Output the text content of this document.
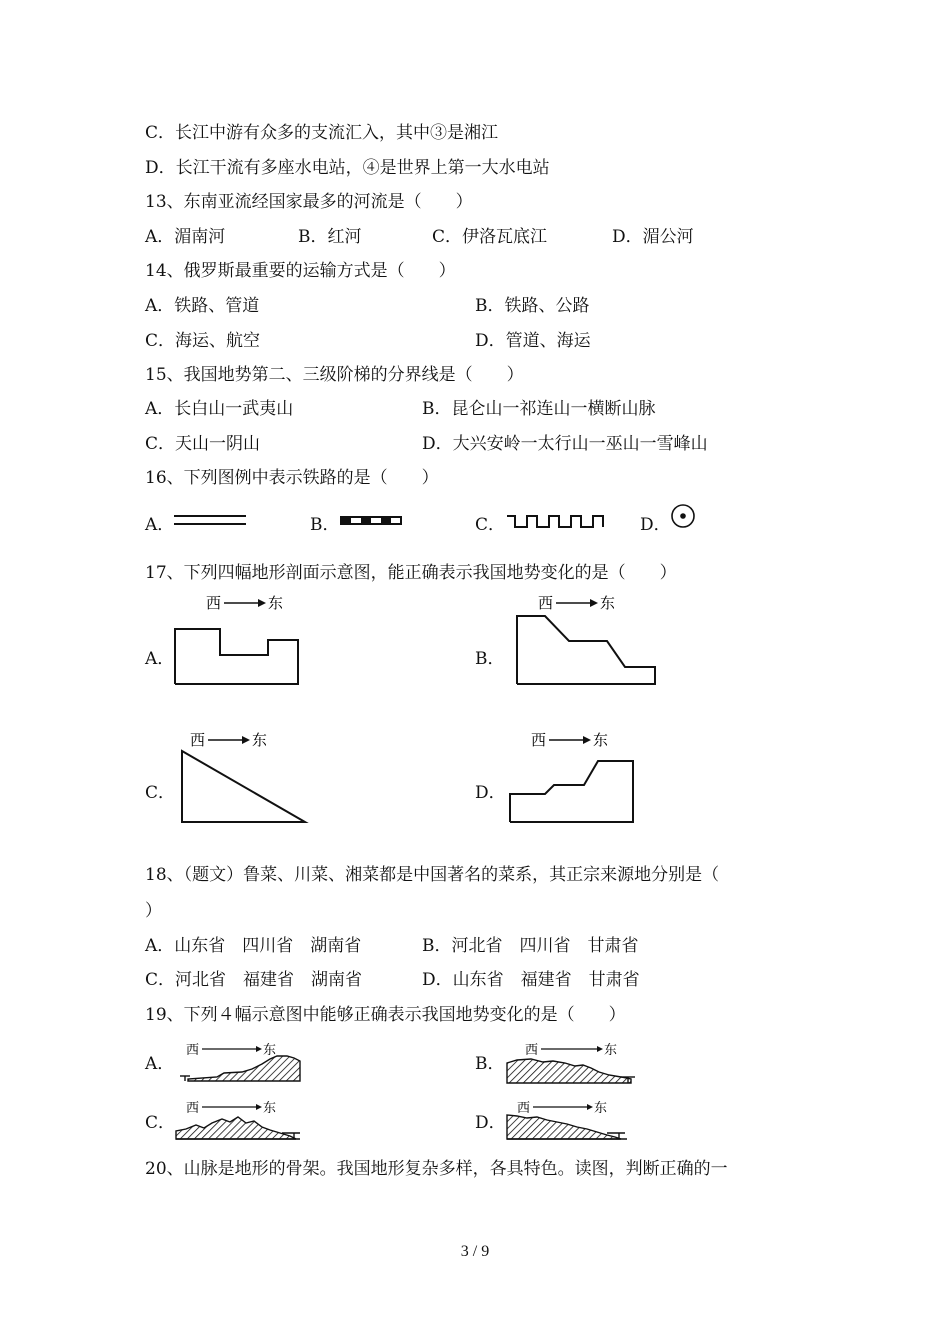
C．长江中游有众多的支流汇入，其中③是湘江
D．长江干流有多座水电站，④是世界上第一大水电站
13、东南亚流经国家最多的河流是（　　）
A．湄南河	B．红河	C．伊洛瓦底江	D．湄公河
14、俄罗斯最重要的运输方式是（　　）
A．铁路、管道	B．铁路、公路
C．海运、航空	D．管道、海运
15、我国地势第二、三级阶梯的分界线是（　　）
A．长白山一武夷山	B．昆仑山一祁连山一横断山脉
C．天山一阴山	D．大兴安岭一太行山一巫山一雪峰山
16、下列图例中表示铁路的是（　　）
A．	B．	C．	D．
17、下列四幅地形剖面示意图，能正确表示我国地势变化的是（　　）
A．
西	东
B．
西	东
C．
西	东
D．
西	东
18、（题文）鲁菜、川菜、湘菜都是中国著名的菜系，其正宗来源地分别是（
）
A．山东省　四川省　湖南省	B．河北省　四川省　甘肃省
C．河北省　福建省　湖南省	D．山东省　福建省　甘肃省
19、下列４幅示意图中能够正确表示我国地势变化的是（　　）
A．
西	东
B．
西	东
C．
西	东
D．
西	东
20、山脉是地形的骨架。我国地形复杂多样，各具特色。读图，判断正确的一
3 / 9
